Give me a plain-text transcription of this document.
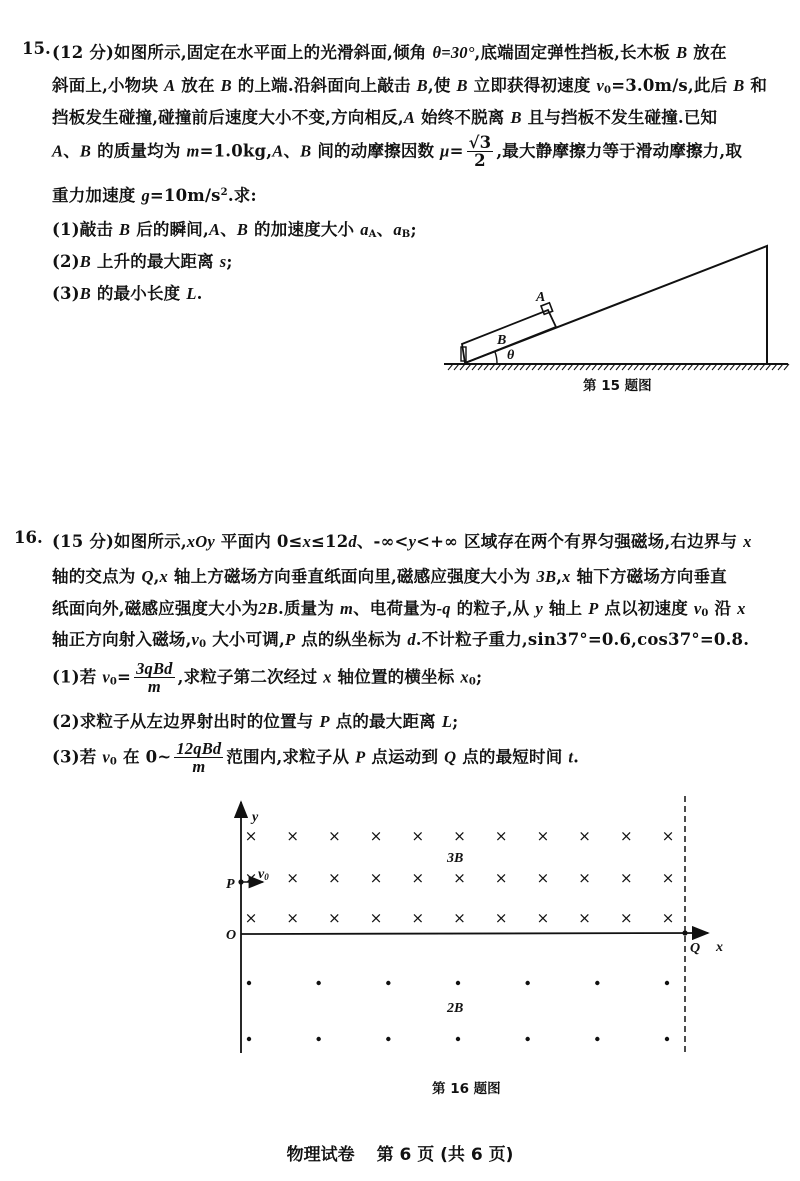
15. (12 分)如图所示,固定在水平面上的光滑斜面,倾角 θ=30°,底端固定弹性挡板,长木板 B 放在
斜面上,小物块 A 放在 B 的上端.沿斜面向上敲击 B,使 B 立即获得初速度 $v_0=3.0m/s$,此后 B 和
挡板发生碰撞,碰撞前后速度大小不变,方向相反,A 始终不脱离 B 且与挡板不发生碰撞.已知
A、B 的质量均为 m=1.0kg,A、B 间的动摩擦因数 $\mu= \frac{√3}{2}$ ,最大静摩擦力等于滑动摩擦力,取
重力加速度 $g=10m/s^2$.求:
(1)敲击 B 后的瞬间,A、B 的加速度大小 $a_A$、$a_B$;
(2)B 上升的最大距离 s;
(3)B 的最小长度 L.	A
B
θ
第 15 题图
16. (15 分)如图所示,xOy 平面内 0≤x≤12d、-∞<y<+∞ 区域存在两个有界匀强磁场,右边界与 x
轴的交点为 Q,x 轴上方磁场方向垂直纸面向里,磁感应强度大小为 3B,x 轴下方磁场方向垂直
纸面向外,磁感应强度大小为2B.质量为 m、电荷量为-q 的粒子,从 y 轴上 P 点以初速度 $v_0$ 沿 x
轴正方向射入磁场$,v_0$ 大小可调,P 点的纵坐标为 d.不计粒子重力,sin37°=0.6,cos37°=0.8.
(1)若 $v_0= \frac{\text{3qBd}}{m}$ ,求粒子第二次经过 x 轴位置的横坐标 $x_0$;
(2)求粒子从左边界射出时的位置与 P 点的最大距离 L;
(3)若 $v_0$ 在 0~ $\frac{\text{12qBd}}{m}$ 范围内,求粒子从 P 点运动到 Q 点的最短时间 t.
× × × × × × × × × × ×
× × × × × × × × × × ×
× × × × × × × × × × ×
y
x
O
P
Q
v0
3B
2B
第 16 题图
物理试卷 第 6 页 (共 6 页)
